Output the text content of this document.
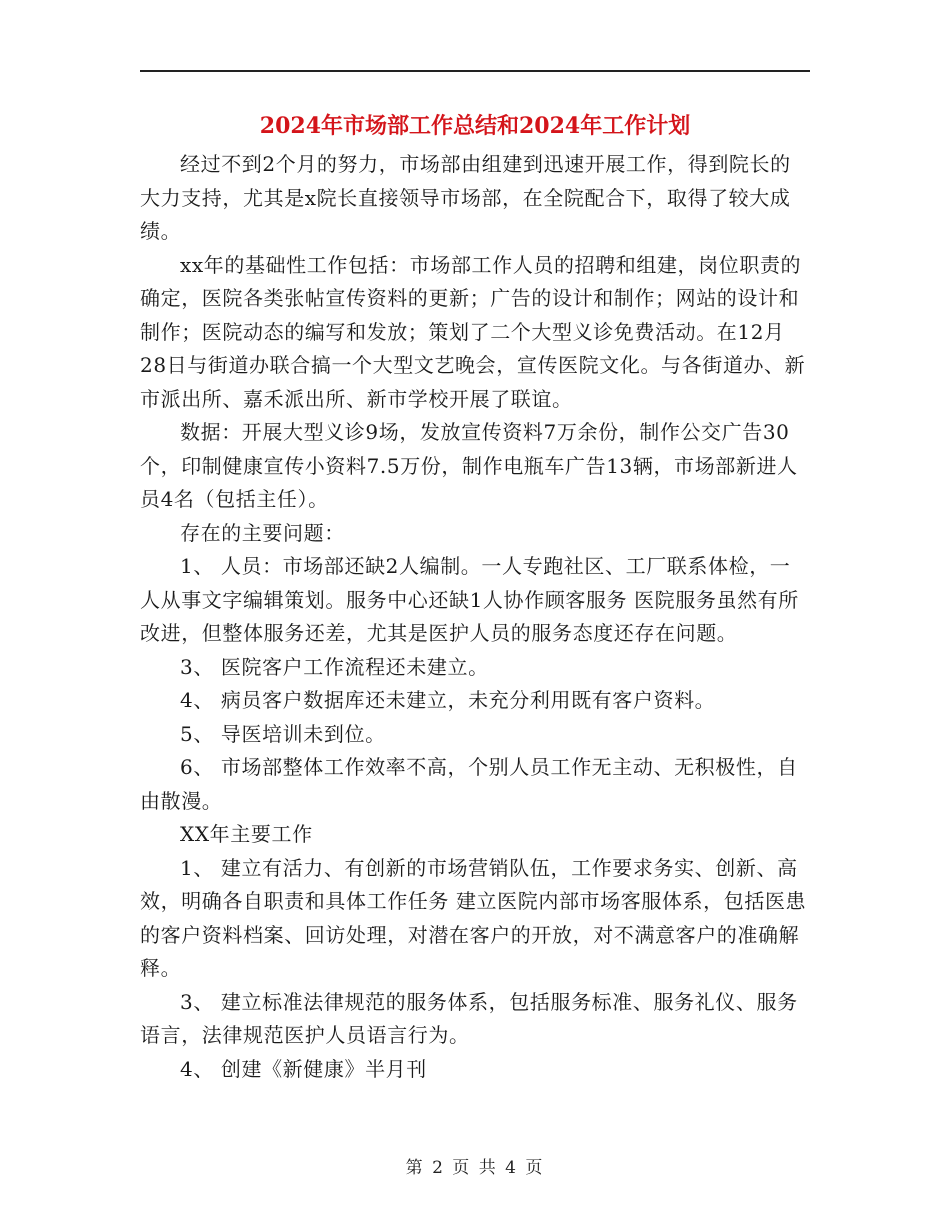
2024年市场部工作总结和2024年工作计划

经过不到2个月的努力，市场部由组建到迅速开展工作，得到院长的大力支持，尤其是x院长直接领导市场部，在全院配合下，取得了较大成绩。

xx年的基础性工作包括：市场部工作人员的招聘和组建，岗位职责的确定，医院各类张帖宣传资料的更新；广告的设计和制作；网站的设计和制作；医院动态的编写和发放；策划了二个大型义诊免费活动。在12月28日与街道办联合搞一个大型文艺晚会，宣传医院文化。与各街道办、新市派出所、嘉禾派出所、新市学校开展了联谊。

数据：开展大型义诊9场，发放宣传资料7万余份，制作公交广告30个，印制健康宣传小资料7.5万份，制作电瓶车广告13辆，市场部新进人员4名（包括主任）。

存在的主要问题：

1、 人员：市场部还缺2人编制。一人专跑社区、工厂联系体检，一人从事文字编辑策划。服务中心还缺1人协作顾客服务 医院服务虽然有所改进，但整体服务还差，尤其是医护人员的服务态度还存在问题。

3、 医院客户工作流程还未建立。

4、 病员客户数据库还未建立，未充分利用既有客户资料。

5、 导医培训未到位。

6、 市场部整体工作效率不高，个别人员工作无主动、无积极性，自由散漫。

XX年主要工作

1、 建立有活力、有创新的市场营销队伍，工作要求务实、创新、高效，明确各自职责和具体工作任务 建立医院内部市场客服体系，包括医患的客户资料档案、回访处理，对潜在客户的开放，对不满意客户的准确解释。

3、 建立标准法律规范的服务体系，包括服务标准、服务礼仪、服务语言，法律规范医护人员语言行为。

4、 创建《新健康》半月刊

第 2 页 共 4 页
